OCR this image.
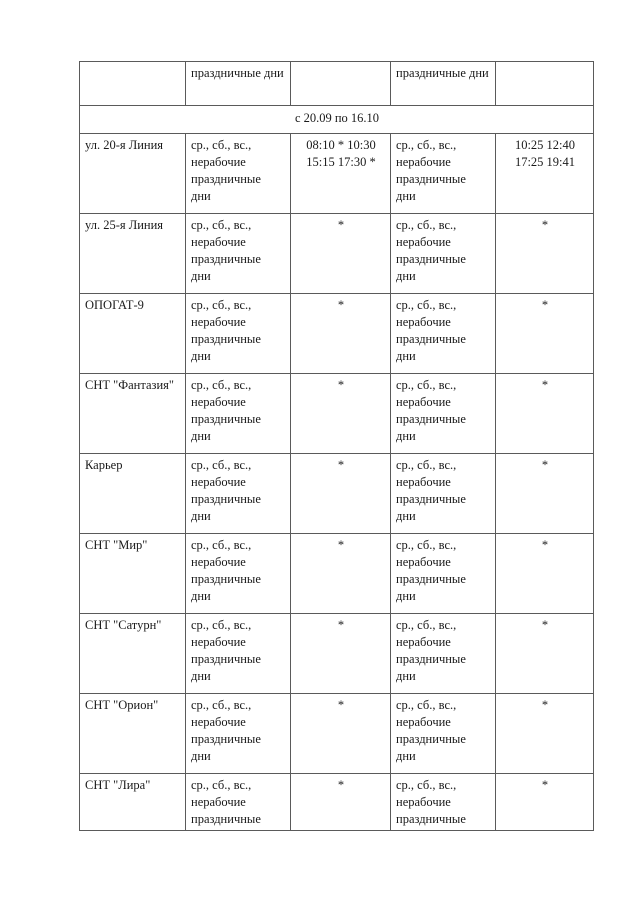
	праздничные дни		праздничные дни	
с 20.09 по 16.10				
ул. 20-я Линия	ср., сб., вс.,
нерабочие
праздничные
дни	08:10 * 10:30
15:15 17:30 *	ср., сб., вс.,
нерабочие
праздничные
дни	10:25 12:40
17:25 19:41

ул. 25-я Линия	ср., сб., вс.,
нерабочие
праздничные
дни	*	ср., сб., вс.,
нерабочие
праздничные
дни	*

ОПОГАТ-9	ср., сб., вс.,
нерабочие
праздничные
дни	*	ср., сб., вс.,
нерабочие
праздничные
дни	*

СНТ "Фантазия"	ср., сб., вс.,
нерабочие
праздничные
дни	*	ср., сб., вс.,
нерабочие
праздничные
дни	*

Карьер	ср., сб., вс.,
нерабочие
праздничные
дни	*	ср., сб., вс.,
нерабочие
праздничные
дни	*

СНТ "Мир"	ср., сб., вс.,
нерабочие
праздничные
дни	*	ср., сб., вс.,
нерабочие
праздничные
дни	*

СНТ "Сатурн"	ср., сб., вс.,
нерабочие
праздничные
дни	*	ср., сб., вс.,
нерабочие
праздничные
дни	*

СНТ "Орион"	ср., сб., вс.,
нерабочие
праздничные
дни	*	ср., сб., вс.,
нерабочие
праздничные
дни	*

СНТ "Лира"	ср., сб., вс.,
нерабочие
праздничные	*	ср., сб., вс.,
нерабочие
праздничные	*
